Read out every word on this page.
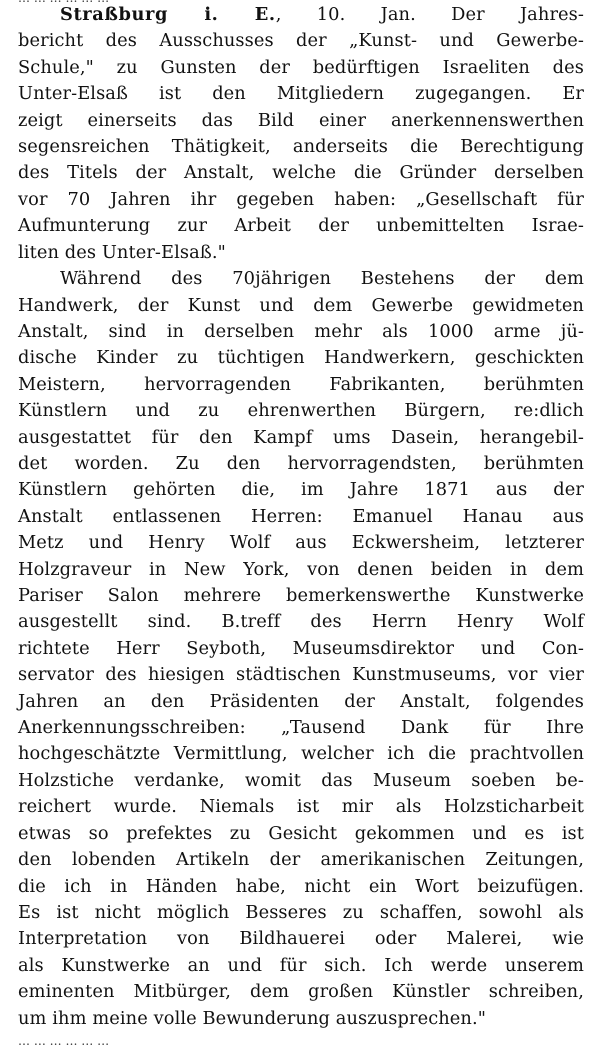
Straßburg i. E., 10. Jan. Der Jahres-
bericht des Ausschusses der „Kunst- und Gewerbe-
Schule," zu Gunsten der bedürftigen Israeliten des
Unter-Elsaß ist den Mitgliedern zugegangen. Er
zeigt einerseits das Bild einer anerkennenswerthen
segensreichen Thätigkeit, anderseits die Berechtigung
des Titels der Anstalt, welche die Gründer derselben
vor 70 Jahren ihr gegeben haben: „Gesellschaft für
Aufmunterung zur Arbeit der unbemittelten Israe-
liten des Unter-Elsaß."
Während des 70jährigen Bestehens der dem
Handwerk, der Kunst und dem Gewerbe gewidmeten
Anstalt, sind in derselben mehr als 1000 arme jü-
dische Kinder zu tüchtigen Handwerkern, geschickten
Meistern, hervorragenden Fabrikanten, berühmten
Künstlern und zu ehrenwerthen Bürgern, re:dlich
ausgestattet für den Kampf ums Dasein, herangebil-
det worden. Zu den hervorragendsten, berühmten
Künstlern gehörten die, im Jahre 1871 aus der
Anstalt entlassenen Herren: Emanuel Hanau aus
Metz und Henry Wolf aus Eckwersheim, letzterer
Holzgraveur in New York, von denen beiden in dem
Pariser Salon mehrere bemerkenswerthe Kunstwerke
ausgestellt sind. B.treff des Herrn Henry Wolf
richtete Herr Seyboth, Museumsdirektor und Con-
servator des hiesigen städtischen Kunstmuseums, vor vier
Jahren an den Präsidenten der Anstalt, folgendes
Anerkennungsschreiben: „Tausend Dank für Ihre
hochgeschätzte Vermittlung, welcher ich die prachtvollen
Holzstiche verdanke, womit das Museum soeben be-
reichert wurde. Niemals ist mir als Holzsticharbeit
etwas so prefektes zu Gesicht gekommen und es ist
den lobenden Artikeln der amerikanischen Zeitungen,
die ich in Händen habe, nicht ein Wort beizufügen.
Es ist nicht möglich Besseres zu schaffen, sowohl als
Interpretation von Bildhauerei oder Malerei, wie
als Kunstwerke an und für sich. Ich werde unserem
eminenten Mitbürger, dem großen Künstler schreiben,
um ihm meine volle Bewunderung auszusprechen."
… … … … … …
